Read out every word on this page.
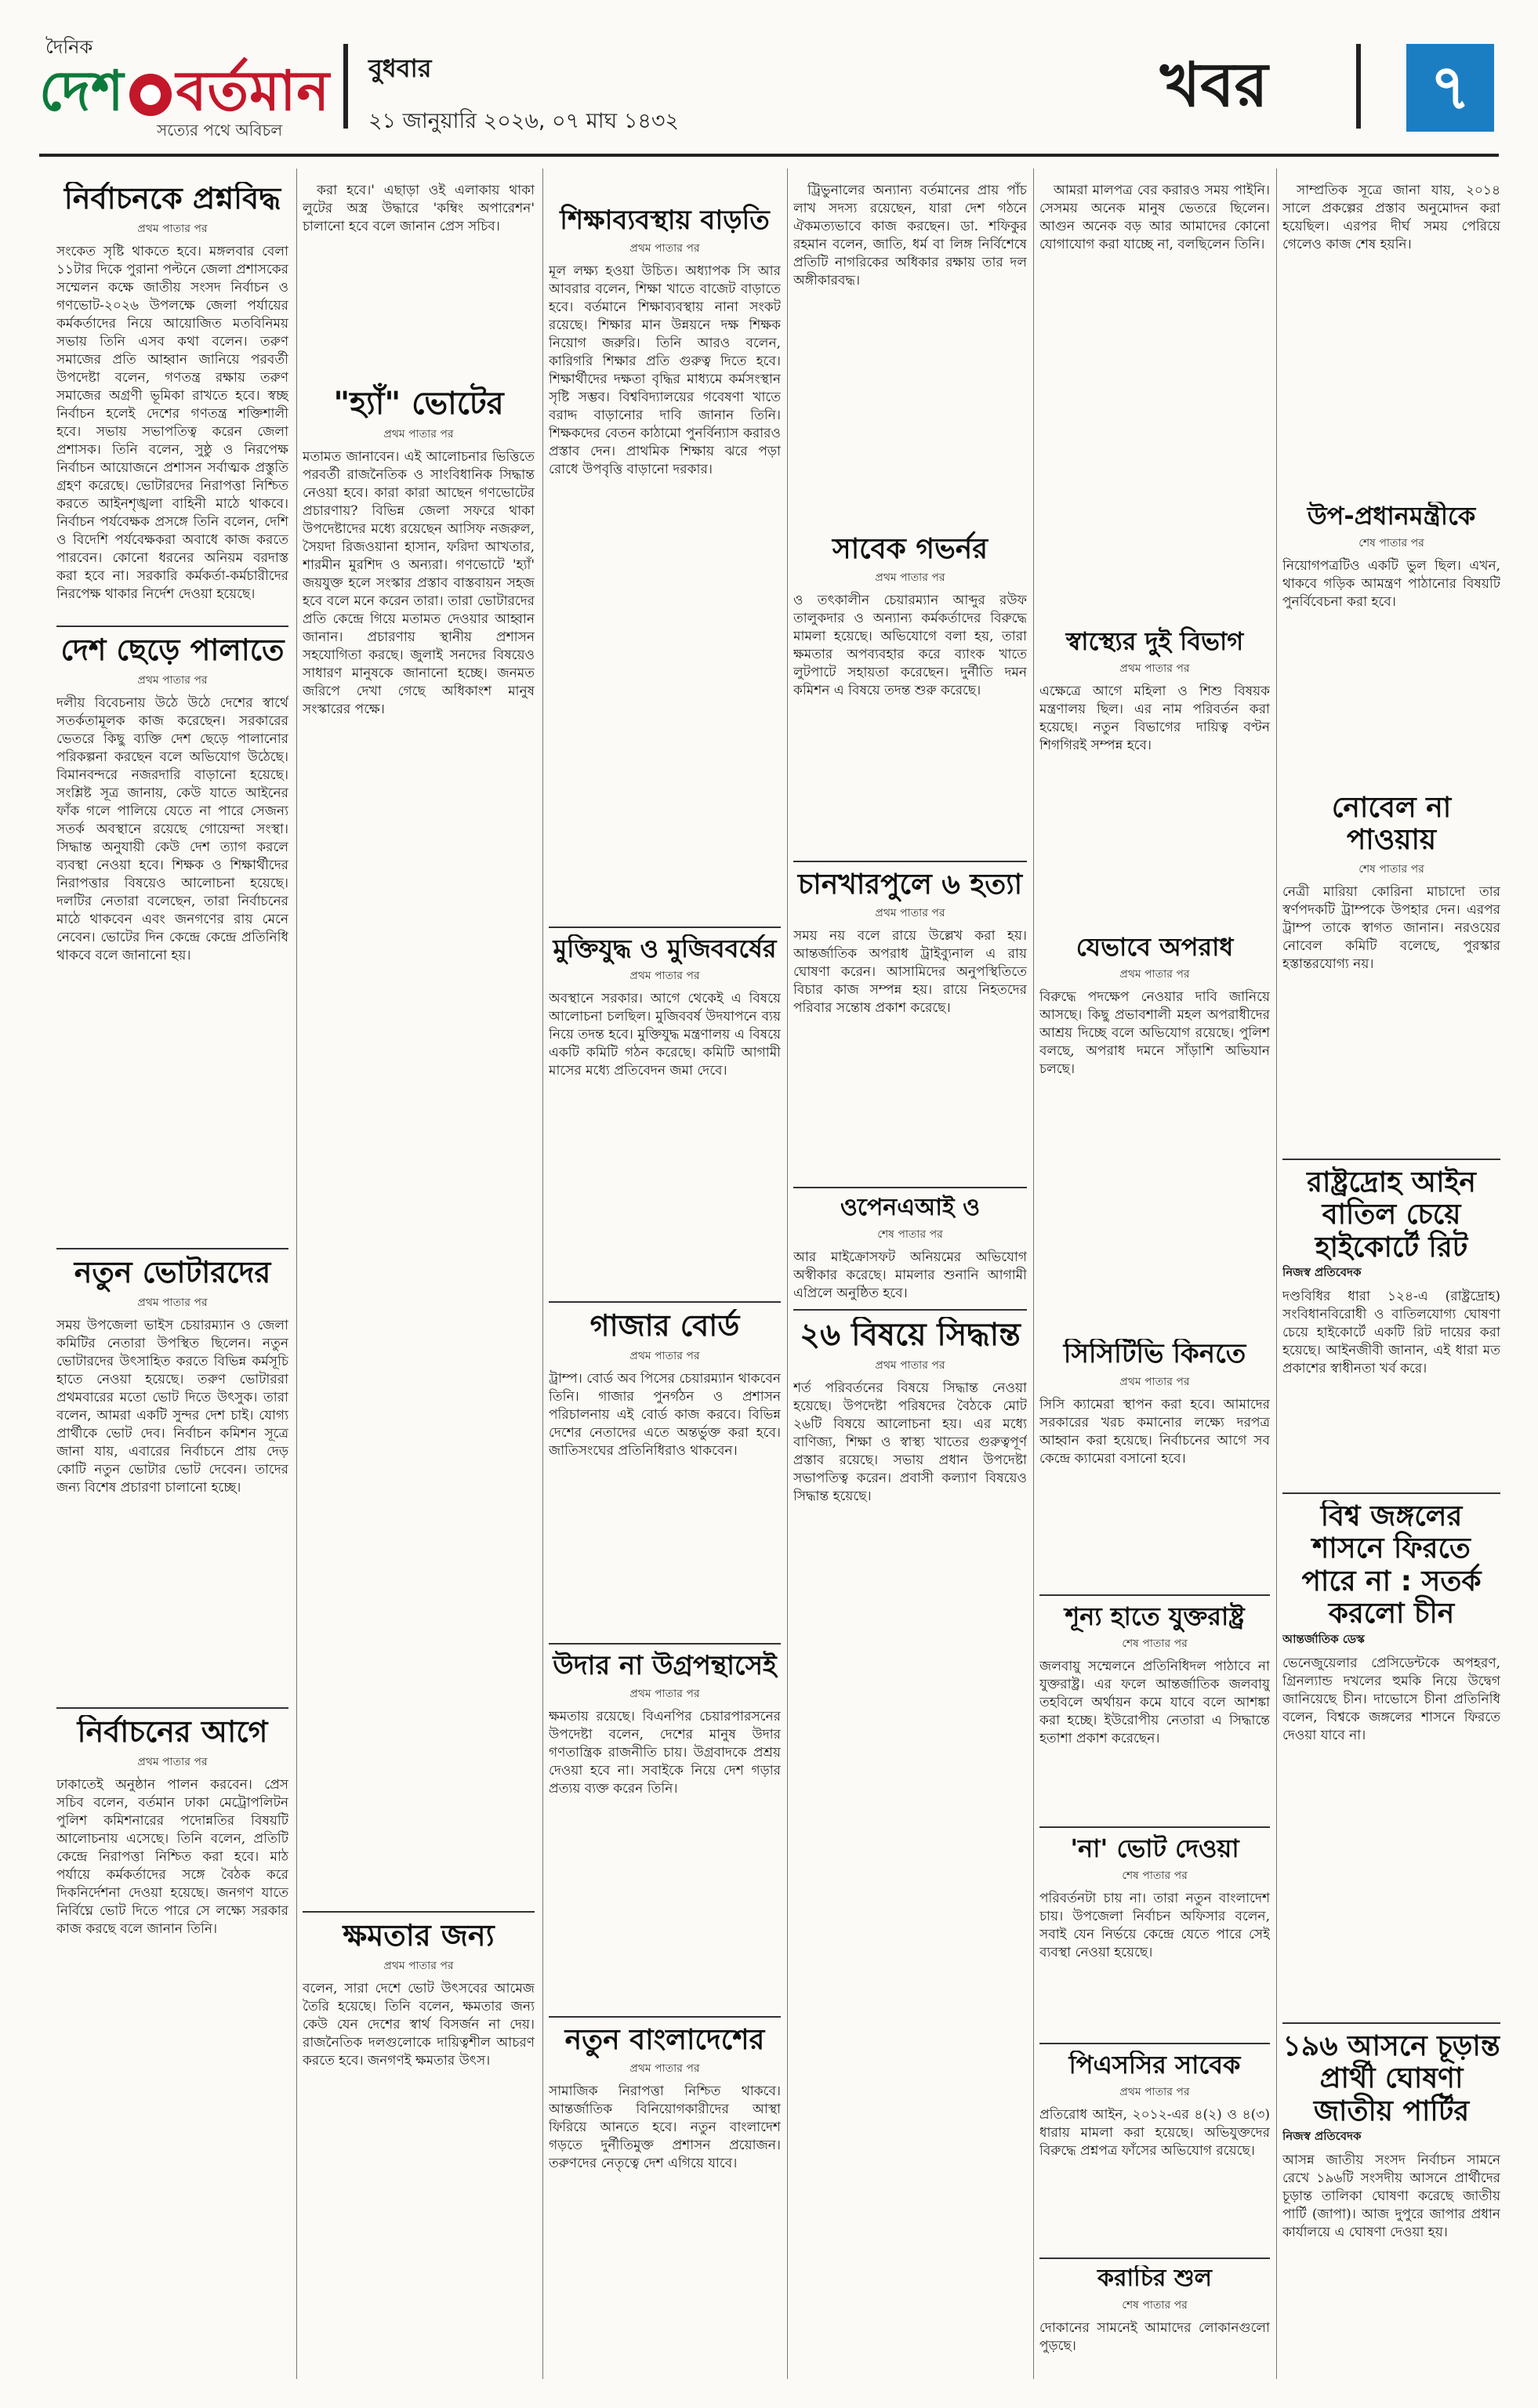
দৈনিক
দেশ বর্তমান
সত্যের পথে অবিচল
বুধবার
২১ জানুয়ারি ২০২৬, ০৭ মাঘ ১৪৩২
খবর	৭
নির্বাচনকে প্রশ্নবিদ্ধ
প্রথম পাতার পর
সংকেত সৃষ্টি থাকতে হবে। মঙ্গলবার বেলা ১১টার দিকে পুরানা পল্টনে জেলা প্রশাসকের সম্মেলন কক্ষে জাতীয় সংসদ নির্বাচন ও গণভোট-২০২৬ উপলক্ষে জেলা পর্যায়ের কর্মকর্তাদের নিয়ে আয়োজিত মতবিনিময় সভায় তিনি এসব কথা বলেন। তরুণ সমাজের প্রতি আহ্বান জানিয়ে পরবর্তী উপদেষ্টা বলেন, গণতন্ত্র রক্ষায় তরুণ সমাজের অগ্রণী ভূমিকা রাখতে হবে। স্বচ্ছ নির্বাচন হলেই দেশের গণতন্ত্র শক্তিশালী হবে। সভায় সভাপতিত্ব করেন জেলা প্রশাসক। তিনি বলেন, সুষ্ঠু ও নিরপেক্ষ নির্বাচন আয়োজনে প্রশাসন সর্বাত্মক প্রস্তুতি গ্রহণ করেছে। ভোটারদের নিরাপত্তা নিশ্চিত করতে আইনশৃঙ্খলা বাহিনী মাঠে থাকবে। নির্বাচন পর্যবেক্ষক প্রসঙ্গে তিনি বলেন, দেশি ও বিদেশি পর্যবেক্ষকরা অবাধে কাজ করতে পারবেন। কোনো ধরনের অনিয়ম বরদাস্ত করা হবে না। সরকারি কর্মকর্তা-কর্মচারীদের নিরপেক্ষ থাকার নির্দেশ দেওয়া হয়েছে।
দেশ ছেড়ে পালাতে
প্রথম পাতার পর
দলীয় বিবেচনায় উঠে উঠে দেশের স্বার্থে সতর্কতামূলক কাজ করেছেন। সরকারের ভেতরে কিছু ব্যক্তি দেশ ছেড়ে পালানোর পরিকল্পনা করছেন বলে অভিযোগ উঠেছে। বিমানবন্দরে নজরদারি বাড়ানো হয়েছে। সংশ্লিষ্ট সূত্র জানায়, কেউ যাতে আইনের ফাঁক গলে পালিয়ে যেতে না পারে সেজন্য সতর্ক অবস্থানে রয়েছে গোয়েন্দা সংস্থা। সিদ্ধান্ত অনুযায়ী কেউ দেশ ত্যাগ করলে ব্যবস্থা নেওয়া হবে। শিক্ষক ও শিক্ষার্থীদের নিরাপত্তার বিষয়েও আলোচনা হয়েছে। দলটির নেতারা বলেছেন, তারা নির্বাচনের মাঠে থাকবেন এবং জনগণের রায় মেনে নেবেন। ভোটের দিন কেন্দ্রে কেন্দ্রে প্রতিনিধি থাকবে বলে জানানো হয়।
নতুন ভোটারদের
প্রথম পাতার পর
সময় উপজেলা ভাইস চেয়ারম্যান ও জেলা কমিটির নেতারা উপস্থিত ছিলেন। নতুন ভোটারদের উৎসাহিত করতে বিভিন্ন কর্মসূচি হাতে নেওয়া হয়েছে। তরুণ ভোটাররা প্রথমবারের মতো ভোট দিতে উৎসুক। তারা বলেন, আমরা একটি সুন্দর দেশ চাই। যোগ্য প্রার্থীকে ভোট দেব। নির্বাচন কমিশন সূত্রে জানা যায়, এবারের নির্বাচনে প্রায় দেড় কোটি নতুন ভোটার ভোট দেবেন। তাদের জন্য বিশেষ প্রচারণা চালানো হচ্ছে।
নির্বাচনের আগে
প্রথম পাতার পর
ঢাকাতেই অনুষ্ঠান পালন করবেন। প্রেস সচিব বলেন, বর্তমান ঢাকা মেট্রোপলিটন পুলিশ কমিশনারের পদোন্নতির বিষয়টি আলোচনায় এসেছে। তিনি বলেন, প্রতিটি কেন্দ্রে নিরাপত্তা নিশ্চিত করা হবে। মাঠ পর্যায়ে কর্মকর্তাদের সঙ্গে বৈঠক করে দিকনির্দেশনা দেওয়া হয়েছে। জনগণ যাতে নির্বিঘ্নে ভোট দিতে পারে সে লক্ষ্যে সরকার কাজ করছে বলে জানান তিনি।

করা হবে।' এছাড়া ওই এলাকায় থাকা লুটের অস্ত্র উদ্ধারে 'কম্বিং অপারেশন' চালানো হবে বলে জানান প্রেস সচিব।

"হ্যাঁ" ভোটের
প্রথম পাতার পর
মতামত জানাবেন। এই আলোচনার ভিত্তিতে পরবর্তী রাজনৈতিক ও সাংবিধানিক সিদ্ধান্ত নেওয়া হবে। কারা কারা আছেন গণভোটের প্রচারণায়? বিভিন্ন জেলা সফরে থাকা উপদেষ্টাদের মধ্যে রয়েছেন আসিফ নজরুল, সৈয়দা রিজওয়ানা হাসান, ফরিদা আখতার, শারমীন মুরশিদ ও অন্যরা। গণভোটে 'হ্যাঁ' জয়যুক্ত হলে সংস্কার প্রস্তাব বাস্তবায়ন সহজ হবে বলে মনে করেন তারা। তারা ভোটারদের প্রতি কেন্দ্রে গিয়ে মতামত দেওয়ার আহ্বান জানান। প্রচারণায় স্থানীয় প্রশাসন সহযোগিতা করছে। জুলাই সনদের বিষয়েও সাধারণ মানুষকে জানানো হচ্ছে। জনমত জরিপে দেখা গেছে অধিকাংশ মানুষ সংস্কারের পক্ষে।
ক্ষমতার জন্য
প্রথম পাতার পর
বলেন, সারা দেশে ভোট উৎসবের আমেজ তৈরি হয়েছে। তিনি বলেন, ক্ষমতার জন্য কেউ যেন দেশের স্বার্থ বিসর্জন না দেয়। রাজনৈতিক দলগুলোকে দায়িত্বশীল আচরণ করতে হবে। জনগণই ক্ষমতার উৎস।
শিক্ষাব্যবস্থায় বাড়তি
প্রথম পাতার পর
মূল লক্ষ্য হওয়া উচিত। অধ্যাপক সি আর আবরার বলেন, শিক্ষা খাতে বাজেট বাড়াতে হবে। বর্তমানে শিক্ষাব্যবস্থায় নানা সংকট রয়েছে। শিক্ষার মান উন্নয়নে দক্ষ শিক্ষক নিয়োগ জরুরি। তিনি আরও বলেন, কারিগরি শিক্ষার প্রতি গুরুত্ব দিতে হবে। শিক্ষার্থীদের দক্ষতা বৃদ্ধির মাধ্যমে কর্মসংস্থান সৃষ্টি সম্ভব। বিশ্ববিদ্যালয়ের গবেষণা খাতে বরাদ্দ বাড়ানোর দাবি জানান তিনি। শিক্ষকদের বেতন কাঠামো পুনর্বিন্যাস করারও প্রস্তাব দেন। প্রাথমিক শিক্ষায় ঝরে পড়া রোধে উপবৃত্তি বাড়ানো দরকার।
মুক্তিযুদ্ধ ও মুজিববর্ষের
প্রথম পাতার পর
অবস্থানে সরকার। আগে থেকেই এ বিষয়ে আলোচনা চলছিল। মুজিববর্ষ উদযাপনে ব্যয় নিয়ে তদন্ত হবে। মুক্তিযুদ্ধ মন্ত্রণালয় এ বিষয়ে একটি কমিটি গঠন করেছে। কমিটি আগামী মাসের মধ্যে প্রতিবেদন জমা দেবে।
গাজার বোর্ড
প্রথম পাতার পর
ট্রাম্প। বোর্ড অব পিসের চেয়ারম্যান থাকবেন তিনি। গাজার পুনর্গঠন ও প্রশাসন পরিচালনায় এই বোর্ড কাজ করবে। বিভিন্ন দেশের নেতাদের এতে অন্তর্ভুক্ত করা হবে। জাতিসংঘের প্রতিনিধিরাও থাকবেন।
উদার না উগ্রপন্থাসেই
প্রথম পাতার পর
ক্ষমতায় রয়েছে। বিএনপির চেয়ারপারসনের উপদেষ্টা বলেন, দেশের মানুষ উদার গণতান্ত্রিক রাজনীতি চায়। উগ্রবাদকে প্রশ্রয় দেওয়া হবে না। সবাইকে নিয়ে দেশ গড়ার প্রত্যয় ব্যক্ত করেন তিনি।
নতুন বাংলাদেশের
প্রথম পাতার পর
সামাজিক নিরাপত্তা নিশ্চিত থাকবে। আন্তর্জাতিক বিনিয়োগকারীদের আস্থা ফিরিয়ে আনতে হবে। নতুন বাংলাদেশ গড়তে দুর্নীতিমুক্ত প্রশাসন প্রয়োজন। তরুণদের নেতৃত্বে দেশ এগিয়ে যাবে।

ট্রিভুনালের অন্যান্য বর্তমানের প্রায় পাঁচ লাখ সদস্য রয়েছেন, যারা দেশ গঠনে ঐকমত্যভাবে কাজ করছেন। ডা. শফিকুর রহমান বলেন, জাতি, ধর্ম বা লিঙ্গ নির্বিশেষে প্রতিটি নাগরিকের অধিকার রক্ষায় তার দল অঙ্গীকারবদ্ধ।

সাবেক গভর্নর
প্রথম পাতার পর
ও তৎকালীন চেয়ারম্যান আব্দুর রউফ তালুকদার ও অন্যান্য কর্মকর্তাদের বিরুদ্ধে মামলা হয়েছে। অভিযোগে বলা হয়, তারা ক্ষমতার অপব্যবহার করে ব্যাংক খাতে লুটপাটে সহায়তা করেছেন। দুর্নীতি দমন কমিশন এ বিষয়ে তদন্ত শুরু করেছে।
চানখারপুলে ৬ হত্যা
প্রথম পাতার পর
সময় নয় বলে রায়ে উল্লেখ করা হয়। আন্তর্জাতিক অপরাধ ট্রাইব্যুনাল এ রায় ঘোষণা করেন। আসামিদের অনুপস্থিতিতে বিচার কাজ সম্পন্ন হয়। রায়ে নিহতদের পরিবার সন্তোষ প্রকাশ করেছে।
ওপেনএআই ও
শেষ পাতার পর
আর মাইক্রোসফট অনিয়মের অভিযোগ অস্বীকার করেছে। মামলার শুনানি আগামী এপ্রিলে অনুষ্ঠিত হবে।
২৬ বিষয়ে সিদ্ধান্ত
প্রথম পাতার পর
শর্ত পরিবর্তনের বিষয়ে সিদ্ধান্ত নেওয়া হয়েছে। উপদেষ্টা পরিষদের বৈঠকে মোট ২৬টি বিষয়ে আলোচনা হয়। এর মধ্যে বাণিজ্য, শিক্ষা ও স্বাস্থ্য খাতের গুরুত্বপূর্ণ প্রস্তাব রয়েছে। সভায় প্রধান উপদেষ্টা সভাপতিত্ব করেন। প্রবাসী কল্যাণ বিষয়েও সিদ্ধান্ত হয়েছে।

আমরা মালপত্র বের করারও সময় পাইনি। সেসময় অনেক মানুষ ভেতরে ছিলেন। আগুন অনেক বড় আর আমাদের কোনো যোগাযোগ করা যাচ্ছে না, বলছিলেন তিনি।

স্বাস্থ্যের দুই বিভাগ
প্রথম পাতার পর
এক্ষেত্রে আগে মহিলা ও শিশু বিষয়ক মন্ত্রণালয় ছিল। এর নাম পরিবর্তন করা হয়েছে। নতুন বিভাগের দায়িত্ব বণ্টন শিগগিরই সম্পন্ন হবে।
যেভাবে অপরাধ
প্রথম পাতার পর
বিরুদ্ধে পদক্ষেপ নেওয়ার দাবি জানিয়ে আসছে। কিছু প্রভাবশালী মহল অপরাধীদের আশ্রয় দিচ্ছে বলে অভিযোগ রয়েছে। পুলিশ বলছে, অপরাধ দমনে সাঁড়াশি অভিযান চলছে।
সিসিটিভি কিনতে
প্রথম পাতার পর
সিসি ক্যামেরা স্থাপন করা হবে। আমাদের সরকারের খরচ কমানোর লক্ষ্যে দরপত্র আহ্বান করা হয়েছে। নির্বাচনের আগে সব কেন্দ্রে ক্যামেরা বসানো হবে।
শূন্য হাতে যুক্তরাষ্ট্র
শেষ পাতার পর
জলবায়ু সম্মেলনে প্রতিনিধিদল পাঠাবে না যুক্তরাষ্ট্র। এর ফলে আন্তর্জাতিক জলবায়ু তহবিলে অর্থায়ন কমে যাবে বলে আশঙ্কা করা হচ্ছে। ইউরোপীয় নেতারা এ সিদ্ধান্তে হতাশা প্রকাশ করেছেন।
'না' ভোট দেওয়া
শেষ পাতার পর
পরিবর্তনটা চায় না। তারা নতুন বাংলাদেশ চায়। উপজেলা নির্বাচন অফিসার বলেন, সবাই যেন নির্ভয়ে কেন্দ্রে যেতে পারে সেই ব্যবস্থা নেওয়া হয়েছে।
পিএসসির সাবেক
প্রথম পাতার পর
প্রতিরোধ আইন, ২০১২-এর ৪(২) ও ৪(৩) ধারায় মামলা করা হয়েছে। অভিযুক্তদের বিরুদ্ধে প্রশ্নপত্র ফাঁসের অভিযোগ রয়েছে।
করাচির শুল
শেষ পাতার পর
দোকানের সামনেই আমাদের লোকানগুলো পুড়ছে।

সাম্প্রতিক সূত্রে জানা যায়, ২০১৪ সালে প্রকল্পের প্রস্তাব অনুমোদন করা হয়েছিল। এরপর দীর্ঘ সময় পেরিয়ে গেলেও কাজ শেষ হয়নি।

উপ-প্রধানমন্ত্রীকে
শেষ পাতার পর
নিয়োগপত্রটিও একটি ভুল ছিল। এখন, থাকবে গড়িক আমন্ত্রণ পাঠানোর বিষয়টি পুনর্বিবেচনা করা হবে।
নোবেল না পাওয়ায়
শেষ পাতার পর
নেত্রী মারিয়া কোরিনা মাচাদো তার স্বর্ণপদকটি ট্রাম্পকে উপহার দেন। এরপর ট্রাম্প তাকে স্বাগত জানান। নরওয়ের নোবেল কমিটি বলেছে, পুরস্কার হস্তান্তরযোগ্য নয়।
রাষ্ট্রদ্রোহ আইন বাতিল চেয়ে হাইকোর্টে রিট
নিজস্ব প্রতিবেদক
দণ্ডবিধির ধারা ১২৪-এ (রাষ্ট্রদ্রোহ) সংবিধানবিরোধী ও বাতিলযোগ্য ঘোষণা চেয়ে হাইকোর্টে একটি রিট দায়ের করা হয়েছে। আইনজীবী জানান, এই ধারা মত প্রকাশের স্বাধীনতা খর্ব করে।
বিশ্ব জঙ্গলের শাসনে ফিরতে পারে না : সতর্ক করলো চীন
আন্তর্জাতিক ডেস্ক
ভেনেজুয়েলার প্রেসিডেন্টকে অপহরণ, গ্রিনল্যান্ড দখলের হুমকি নিয়ে উদ্বেগ জানিয়েছে চীন। দাভোসে চীনা প্রতিনিধি বলেন, বিশ্বকে জঙ্গলের শাসনে ফিরতে দেওয়া যাবে না।
১৯৬ আসনে চূড়ান্ত প্রার্থী ঘোষণা জাতীয় পার্টির
নিজস্ব প্রতিবেদক
আসন্ন জাতীয় সংসদ নির্বাচন সামনে রেখে ১৯৬টি সংসদীয় আসনে প্রার্থীদের চূড়ান্ত তালিকা ঘোষণা করেছে জাতীয় পার্টি (জাপা)। আজ দুপুরে জাপার প্রধান কার্যালয়ে এ ঘোষণা দেওয়া হয়।
